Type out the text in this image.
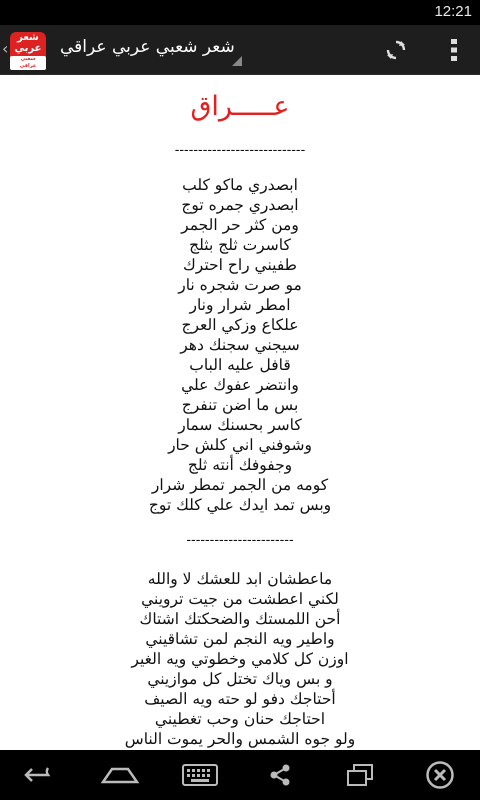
12:21
‹
شعر عربي
شعبي عراقي
شعر شعبي عربي عراقي
عـــــراق
----------------------------
ابصدري ماكو كلب
ابصدري جمره توج
ومن كثر حر الجمر
كاسرت ثلج بثلج
طفيني راح احترك
مو صرت شجره نار
امطر شرار ونار
علكاع وزكي العرج
سيجني سجنك دهر
قافل عليه الباب
وانتضر عفوك علي
بس ما اضن تنفرج
كاسر بحسنك سمار
وشوفني اني كلش حار
وجفوفك أنته ثلج
كومه من الجمر تمطر شرار
وبس تمد ايدك علي كلك توج
-----------------------
ماعطشان ابد للعشك لا والله
لكني اعطشت من جيت ترويني
أحن اللمستك والضحكتك اشتاك
واطير ويه النجم لمن تشاقيني
اوزن كل كلامي وخطوتي ويه الغير
و بس وياك تختل كل موازيني
أحتاجك دفو لو حته ويه الصيف
احتاجك حنان وحب تغطيني
ولو جوه الشمس والحر يموت الناس
